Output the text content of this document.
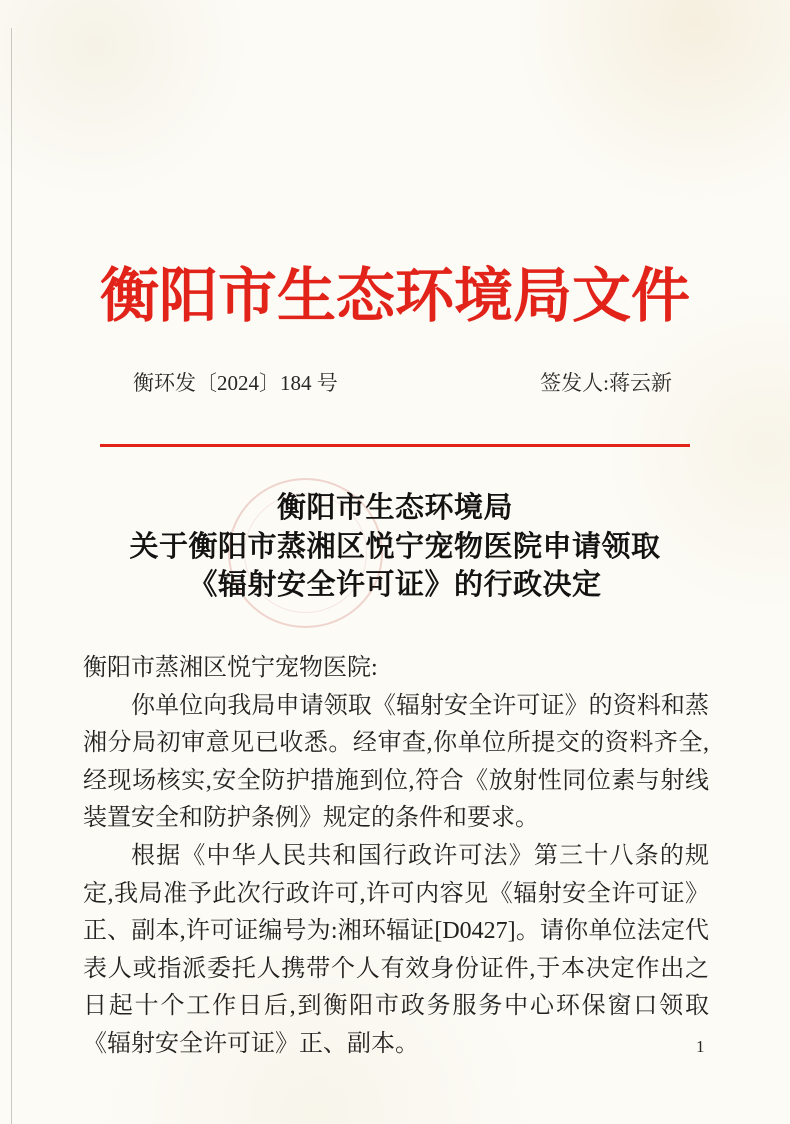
衡阳市生态环境局文件
衡环发〔2024〕184 号	签发人:蒋云新
衡阳市生态环境局
关于衡阳市蒸湘区悦宁宠物医院申请领取
《辐射安全许可证》的行政决定

衡阳市蒸湘区悦宁宠物医院:

你单位向我局申请领取《辐射安全许可证》的资料和蒸湘分局初审意见已收悉。经审查,你单位所提交的资料齐全,经现场核实,安全防护措施到位,符合《放射性同位素与射线装置安全和防护条例》规定的条件和要求。

根据《中华人民共和国行政许可法》第三十八条的规定,我局准予此次行政许可,许可内容见《辐射安全许可证》正、副本,许可证编号为:湘环辐证[D0427]。请你单位法定代表人或指派委托人携带个人有效身份证件,于本决定作出之日起十个工作日后,到衡阳市政务服务中心环保窗口领取《辐射安全许可证》正、副本。	1
